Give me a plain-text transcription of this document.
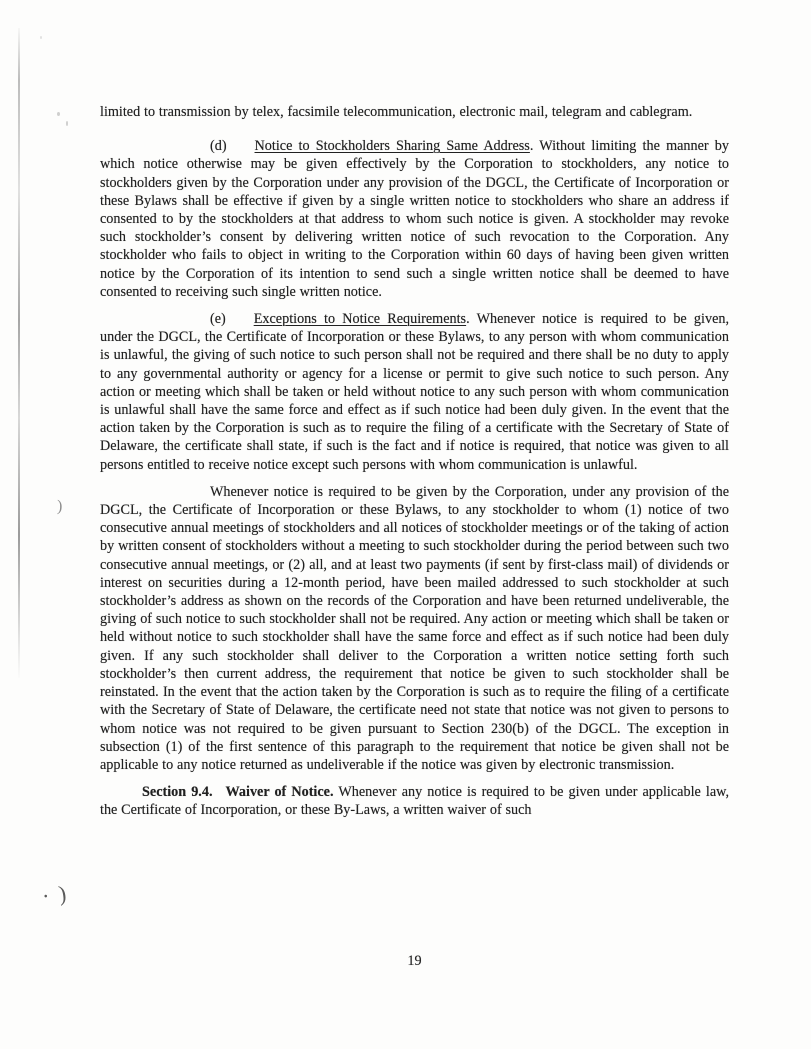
)
· )

limited to transmission by telex, facsimile telecommunication, electronic mail, telegram and cablegram.

(d) Notice to Stockholders Sharing Same Address. Without limiting the manner by which notice otherwise may be given effectively by the Corporation to stockholders, any notice to stockholders given by the Corporation under any provision of the DGCL, the Certificate of Incorporation or these Bylaws shall be effective if given by a single written notice to stockholders who share an address if consented to by the stockholders at that address to whom such notice is given. A stockholder may revoke such stockholder’s consent by delivering written notice of such revocation to the Corporation. Any stockholder who fails to object in writing to the Corporation within 60 days of having been given written notice by the Corporation of its intention to send such a single written notice shall be deemed to have consented to receiving such single written notice.

(e) Exceptions to Notice Requirements. Whenever notice is required to be given, under the DGCL, the Certificate of Incorporation or these Bylaws, to any person with whom communication is unlawful, the giving of such notice to such person shall not be required and there shall be no duty to apply to any governmental authority or agency for a license or permit to give such notice to such person. Any action or meeting which shall be taken or held without notice to any such person with whom communication is unlawful shall have the same force and effect as if such notice had been duly given. In the event that the action taken by the Corporation is such as to require the filing of a certificate with the Secretary of State of Delaware, the certificate shall state, if such is the fact and if notice is required, that notice was given to all persons entitled to receive notice except such persons with whom communication is unlawful.

Whenever notice is required to be given by the Corporation, under any provision of the DGCL, the Certificate of Incorporation or these Bylaws, to any stockholder to whom (1) notice of two consecutive annual meetings of stockholders and all notices of stockholder meetings or of the taking of action by written consent of stockholders without a meeting to such stockholder during the period between such two consecutive annual meetings, or (2) all, and at least two payments (if sent by first-class mail) of dividends or interest on securities during a 12-month period, have been mailed addressed to such stockholder at such stockholder’s address as shown on the records of the Corporation and have been returned undeliverable, the giving of such notice to such stockholder shall not be required. Any action or meeting which shall be taken or held without notice to such stockholder shall have the same force and effect as if such notice had been duly given. If any such stockholder shall deliver to the Corporation a written notice setting forth such stockholder’s then current address, the requirement that notice be given to such stockholder shall be reinstated. In the event that the action taken by the Corporation is such as to require the filing of a certificate with the Secretary of State of Delaware, the certificate need not state that notice was not given to persons to whom notice was not required to be given pursuant to Section 230(b) of the DGCL. The exception in subsection (1) of the first sentence of this paragraph to the requirement that notice be given shall not be applicable to any notice returned as undeliverable if the notice was given by electronic transmission.

Section 9.4. Waiver of Notice. Whenever any notice is required to be given under applicable law, the Certificate of Incorporation, or these By-Laws, a written waiver of such

19
